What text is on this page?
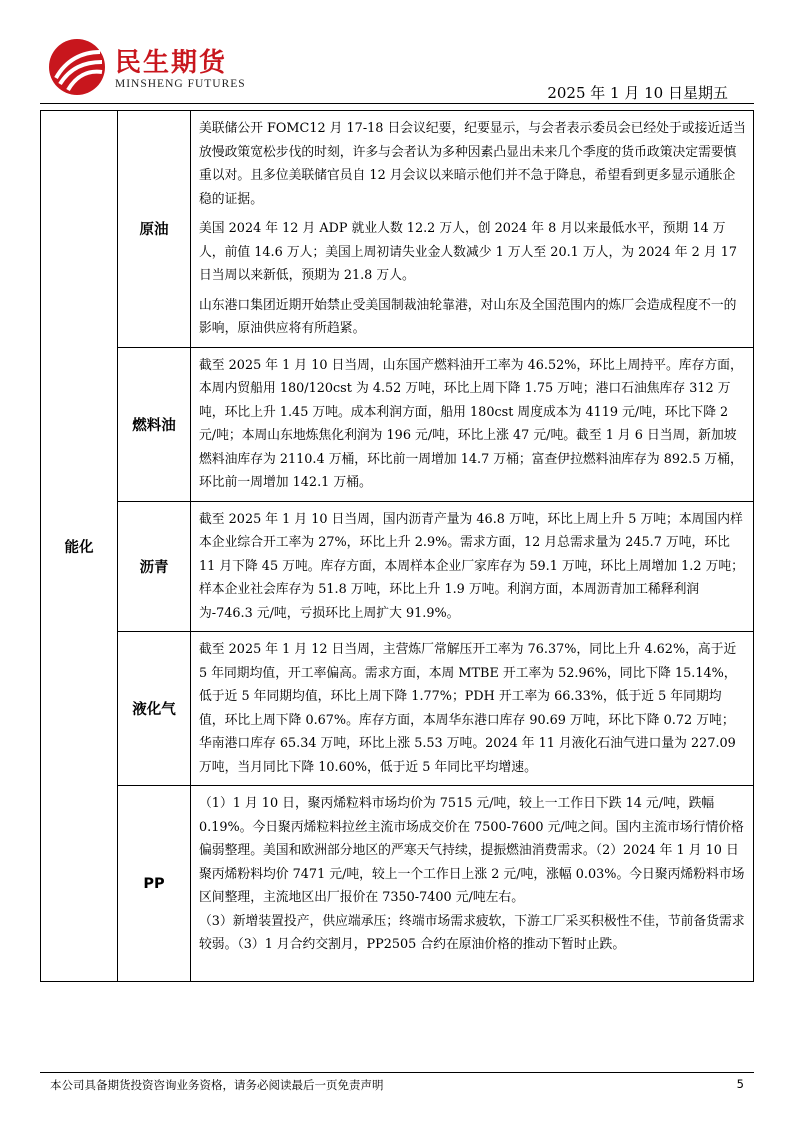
民生期货
MINSHENG FUTURES	2025 年 1 月 10 日星期五
能化	原油	美联储公开 FOMC12 月 17-18 日会议纪要，纪要显示，与会者表示委员会已经处于或接近适当放慢政策宽松步伐的时刻，许多与会者认为多种因素凸显出未来几个季度的货币政策决定需要慎重以对。且多位美联储官员自 12 月会议以来暗示他们并不急于降息，希望看到更多显示通胀企稳的证据。

美国 2024 年 12 月 ADP 就业人数 12.2 万人，创 2024 年 8 月以来最低水平，预期 14 万人，前值 14.6 万人；美国上周初请失业金人数减少 1 万人至 20.1 万人，为 2024 年 2 月 17 日当周以来新低，预期为 21.8 万人。

山东港口集团近期开始禁止受美国制裁油轮靠港，对山东及全国范围内的炼厂会造成程度不一的影响，原油供应将有所趋紧。

	燃料油	截至 2025 年 1 月 10 日当周，山东国产燃料油开工率为 46.52%，环比上周持平。库存方面，本周内贸船用 180/120cst 为 4.52 万吨，环比上周下降 1.75 万吨；港口石油焦库存 312 万吨，环比上升 1.45 万吨。成本利润方面，船用 180cst 周度成本为 4119 元/吨，环比下降 2 元/吨；本周山东地炼焦化利润为 196 元/吨，环比上涨 47 元/吨。截至 1 月 6 日当周，新加坡燃料油库存为 2110.4 万桶，环比前一周增加 14.7 万桶；富查伊拉燃料油库存为 892.5 万桶，环比前一周增加 142.1 万桶。

	沥青	截至 2025 年 1 月 10 日当周，国内沥青产量为 46.8 万吨，环比上周上升 5 万吨；本周国内样本企业综合开工率为 27%，环比上升 2.9%。需求方面，12 月总需求量为 245.7 万吨，环比 11 月下降 45 万吨。库存方面，本周样本企业厂家库存为 59.1 万吨，环比上周增加 1.2 万吨；样本企业社会库存为 51.8 万吨，环比上升 1.9 万吨。利润方面，本周沥青加工稀释利润为-746.3 元/吨，亏损环比上周扩大 91.9%。

	液化气	截至 2025 年 1 月 12 日当周，主营炼厂常解压开工率为 76.37%，同比上升 4.62%，高于近 5 年同期均值，开工率偏高。需求方面，本周 MTBE 开工率为 52.96%，同比下降 15.14%，低于近 5 年同期均值，环比上周下降 1.77%；PDH 开工率为 66.33%，低于近 5 年同期均值，环比上周下降 0.67%。库存方面，本周华东港口库存 90.69 万吨，环比下降 0.72 万吨；华南港口库存 65.34 万吨，环比上涨 5.53 万吨。2024 年 11 月液化石油气进口量为 227.09 万吨，当月同比下降 10.60%，低于近 5 年同比平均增速。

	PP	（1）1 月 10 日，聚丙烯粒料市场均价为 7515 元/吨，较上一工作日下跌 14 元/吨，跌幅 0.19%。今日聚丙烯粒料拉丝主流市场成交价在 7500-7600 元/吨之间。国内主流市场行情价格偏弱整理。美国和欧洲部分地区的严寒天气持续，提振燃油消费需求。（2）2024 年 1 月 10 日聚丙烯粉料均价 7471 元/吨，较上一个工作日上涨 2 元/吨，涨幅 0.03%。今日聚丙烯粉料市场区间整理，主流地区出厂报价在 7350-7400 元/吨左右。

（3）新增装置投产，供应端承压；终端市场需求疲软，下游工厂采买积极性不佳，节前备货需求较弱。（3）1 月合约交割月，PP2505 合约在原油价格的推动下暂时止跌。

本公司具备期货投资咨询业务资格，请务必阅读最后一页免责声明	5
